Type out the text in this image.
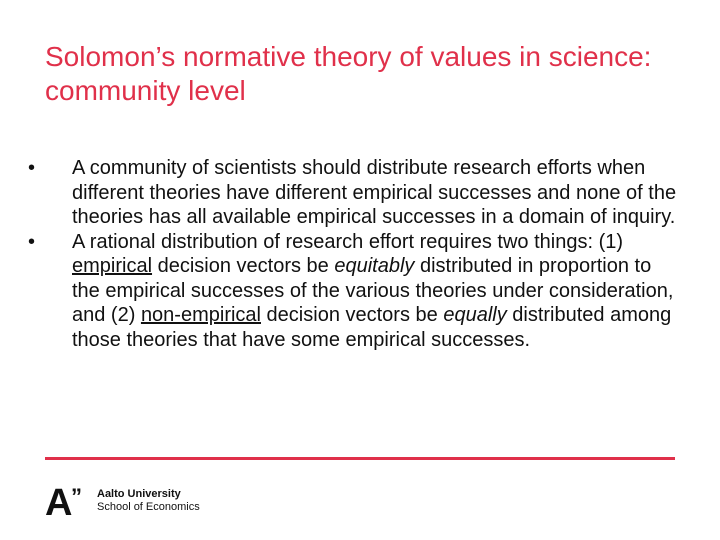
Solomon’s normative theory of values in science: community level
•	A community of scientists should distribute research efforts when different theories have different empirical successes and none of the theories has all available empirical successes in a domain of inquiry.
•	A rational distribution of research effort requires two things: (1) empirical decision vectors be equitably distributed in proportion to the empirical successes of the various theories under consideration, and (2) non-empirical decision vectors be equally distributed among those theories that have some empirical successes.
A
” Aalto University
School of Economics
